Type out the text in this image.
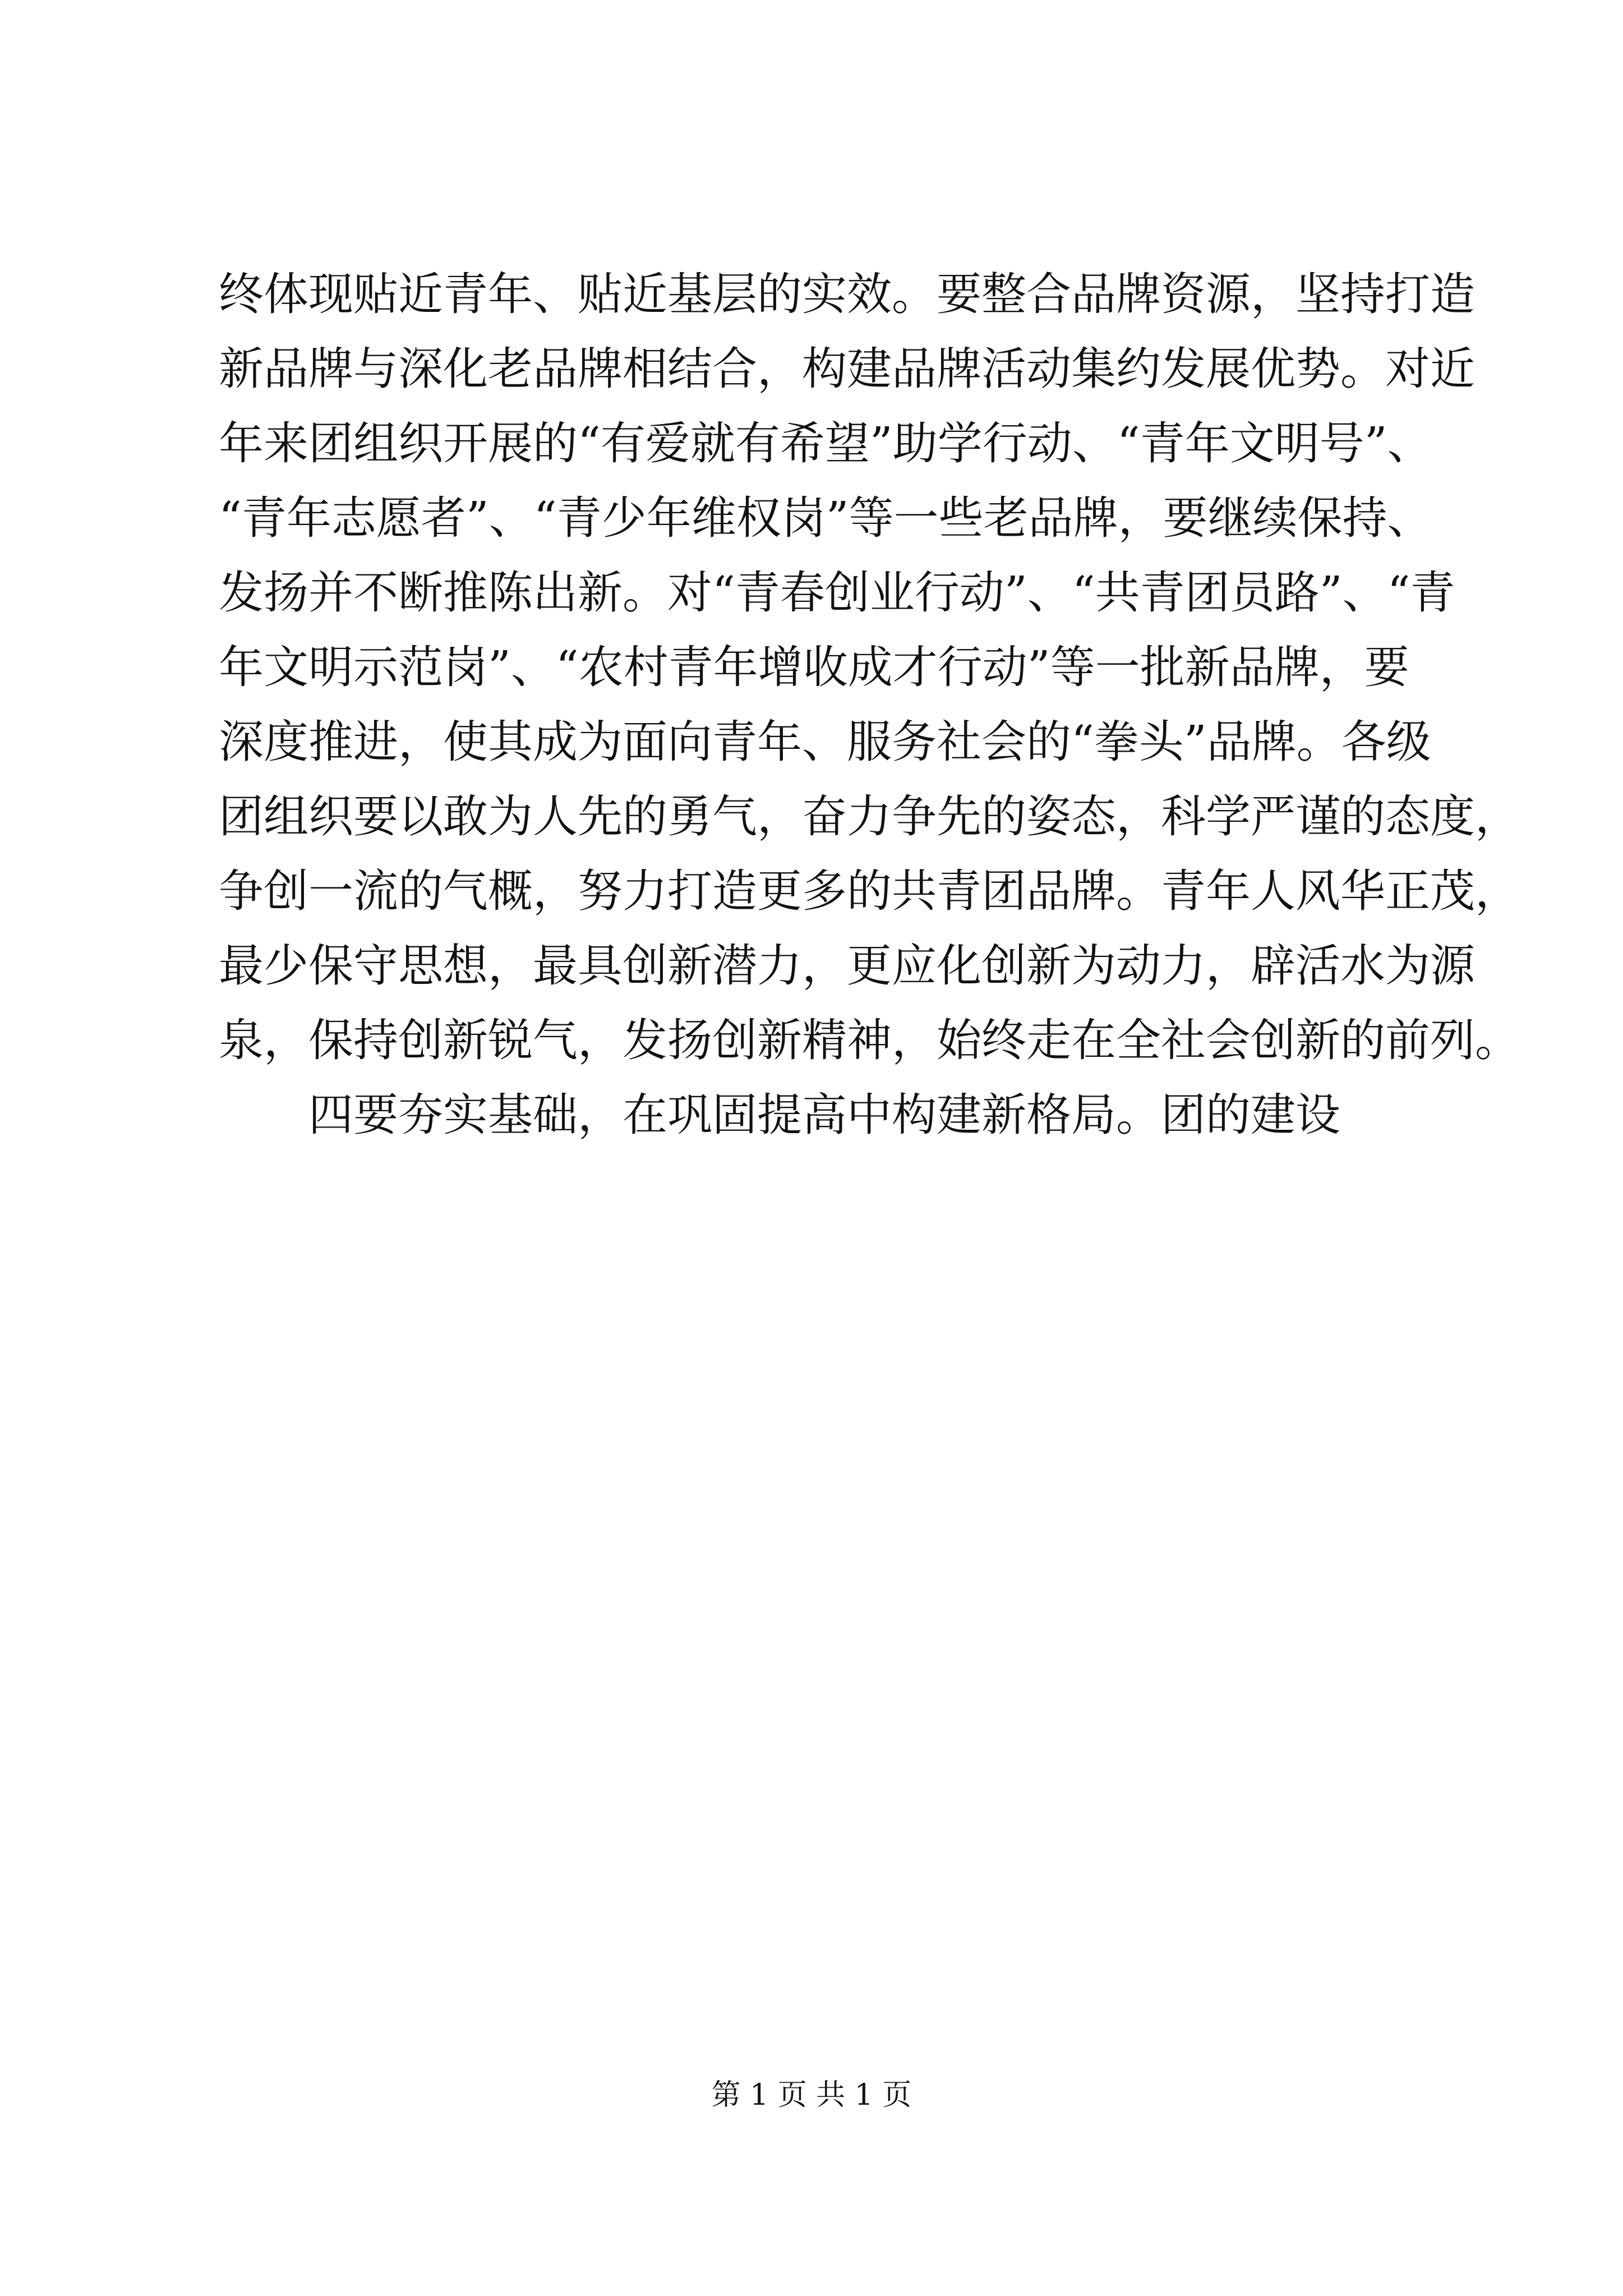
终体现贴近青年、贴近基层的实效。要整合品牌资源，坚持打造
新品牌与深化老品牌相结合，构建品牌活动集约发展优势。对近
年来团组织开展的“有爱就有希望”助学行动、“青年文明号”、
“青年志愿者”、“青少年维权岗”等一些老品牌，要继续保持、
发扬并不断推陈出新。对“青春创业行动”、“共青团员路”、“青
年文明示范岗”、“农村青年增收成才行动”等一批新品牌，要
深度推进，使其成为面向青年、服务社会的“拳头”品牌。各级
团组织要以敢为人先的勇气，奋力争先的姿态，科学严谨的态度，
争创一流的气概，努力打造更多的共青团品牌。青年人风华正茂，
最少保守思想，最具创新潜力，更应化创新为动力，辟活水为源
泉，保持创新锐气，发扬创新精神，始终走在全社会创新的前列。
四要夯实基础，在巩固提高中构建新格局。团的建设
第 1 页 共 1 页
